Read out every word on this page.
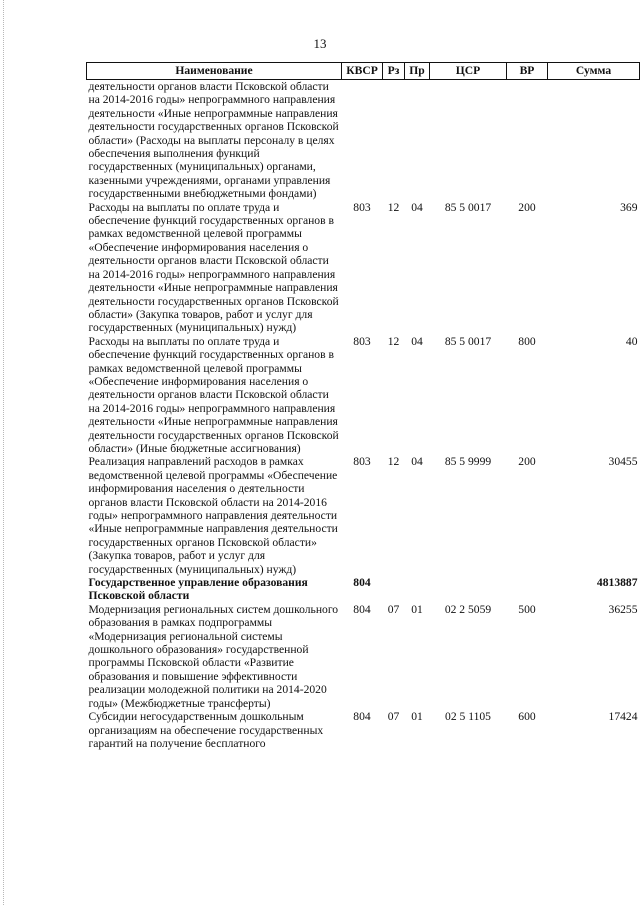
13
Наименование	КВСР	Рз	Пр	ЦСР	ВР	Сумма
деятельности органов власти Псковской области на 2014-2016 годы» непрограммного направления деятельности «Иные непрограммные направления деятельности государственных органов Псковской области» (Расходы на выплаты персоналу в целях обеспечения выполнения функций государственных (муниципальных) органами, казенными учреждениями, органами управления государственными внебюджетными фондами)						
Расходы на выплаты по оплате труда и обеспечение функций государственных органов в рамках ведомственной целевой программы «Обеспечение информирования населения о деятельности органов власти Псковской области на 2014-2016 годы» непрограммного направления деятельности «Иные непрограммные направления деятельности государственных органов Псковской области» (Закупка товаров, работ и услуг для государственных (муниципальных) нужд)	803	12	04	85 5 0017	200	369
Расходы на выплаты по оплате труда и обеспечение функций государственных органов в рамках ведомственной целевой программы «Обеспечение информирования населения о деятельности органов власти Псковской области на 2014-2016 годы» непрограммного направления деятельности «Иные непрограммные направления деятельности государственных органов Псковской области» (Иные бюджетные ассигнования)	803	12	04	85 5 0017	800	40
Реализация направлений расходов в рамках ведомственной целевой программы «Обеспечение информирования населения о деятельности органов власти Псковской области на 2014-2016 годы» непрограммного направления деятельности «Иные непрограммные направления деятельности государственных органов Псковской области» (Закупка товаров, работ и услуг для государственных (муниципальных) нужд)	803	12	04	85 5 9999	200	30455
Государственное управление образования Псковской области	804					4813887
Модернизация региональных систем дошкольного образования в рамках подпрограммы «Модернизация региональной системы дошкольного образования» государственной программы Псковской области «Развитие образования и повышение эффективности реализации молодежной политики на 2014-2020 годы» (Межбюджетные трансферты)	804	07	01	02 2 5059	500	36255
Субсидии негосударственным дошкольным организациям на обеспечение государственных гарантий на получение бесплатного	804	07	01	02 5 1105	600	17424
